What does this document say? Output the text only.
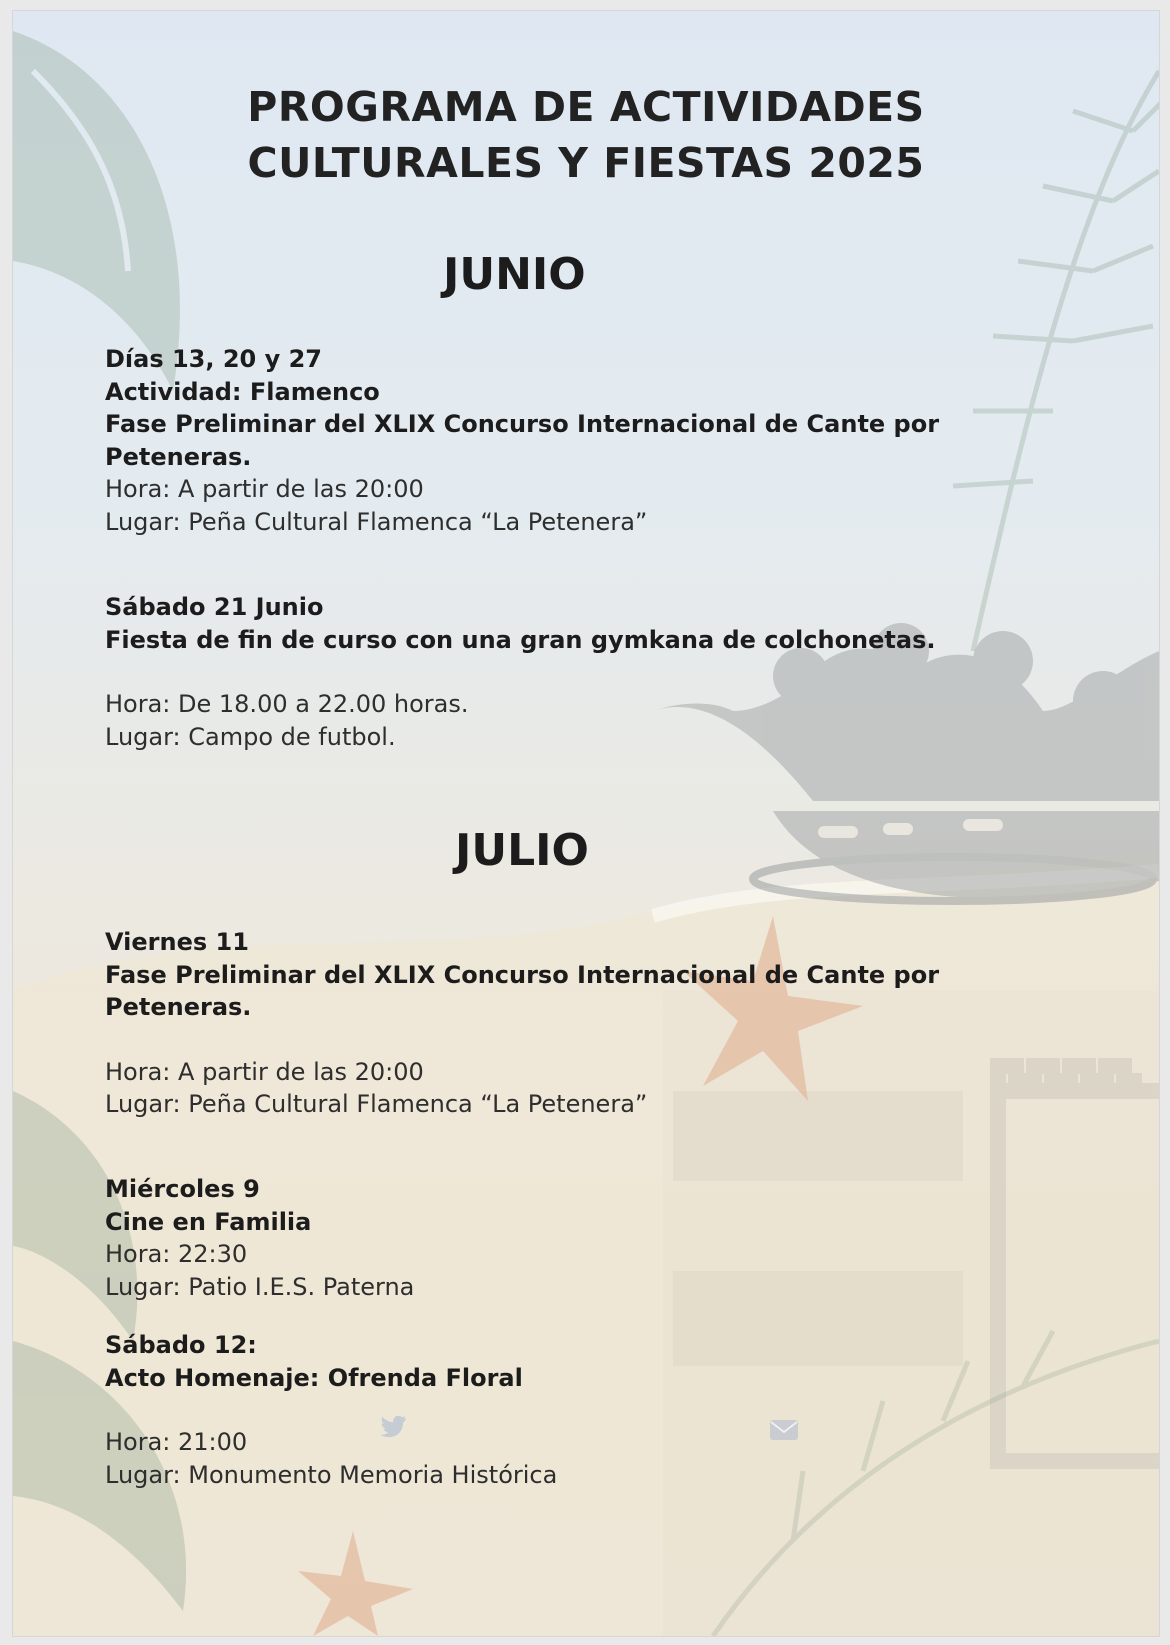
PROGRAMA DE ACTIVIDADES
CULTURALES Y FIESTAS 2025
JUNIO
Días 13, 20 y 27
Actividad: Flamenco
Fase Preliminar del XLIX Concurso Internacional de Cante por
Peteneras.
Hora: A partir de las 20:00
Lugar: Peña Cultural Flamenca “La Petenera”
Sábado 21 Junio
Fiesta de fin de curso con una gran gymkana de colchonetas.
Hora: De 18.00 a 22.00 horas.
Lugar: Campo de futbol.
JULIO
Viernes 11
Fase Preliminar del XLIX Concurso Internacional de Cante por
Peteneras.
Hora: A partir de las 20:00
Lugar: Peña Cultural Flamenca “La Petenera”
Miércoles 9
Cine en Familia
Hora: 22:30
Lugar: Patio I.E.S. Paterna
Sábado 12:
Acto Homenaje: Ofrenda Floral
Hora: 21:00
Lugar: Monumento Memoria Histórica
